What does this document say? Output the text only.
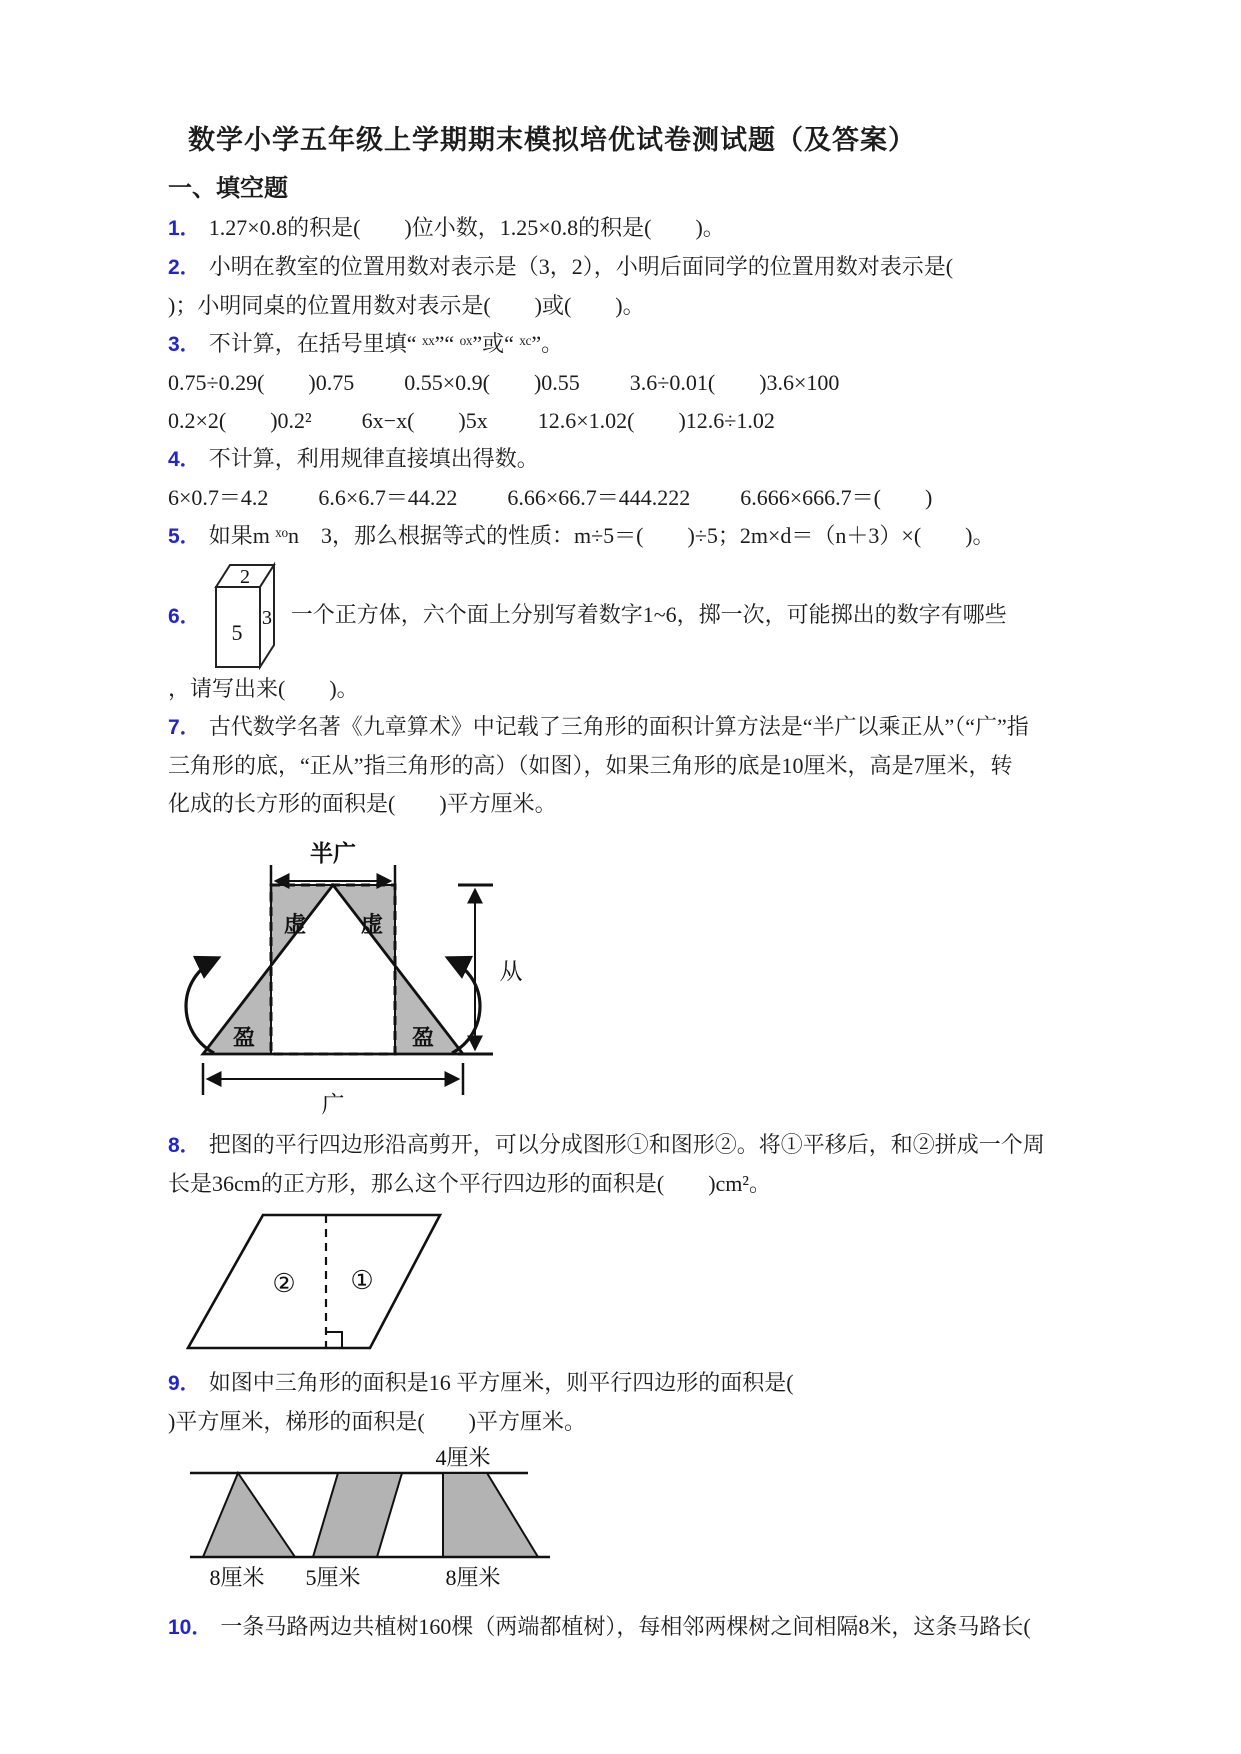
数学小学五年级上学期期末模拟培优试卷测试题（及答案）
一、填空题
1． 1.27×0.8的积是(　　)位小数，1.25×0.8的积是(　　)。
2． 小明在教室的位置用数对表示是（3，2），小明后面同学的位置用数对表示是(
)；小明同桌的位置用数对表示是(　　)或(　　)。
3． 不计算，在括号里填“ ˣˣ”“ ᵒˣ”或“ ˣᶜ”。
0.75÷0.29(　　)0.75 0.55×0.9(　　)0.55 3.6÷0.01(　　)3.6×100
0.2×2(　　)0.2² 6x−x(　　)5x 12.6×1.02(　　)12.6÷1.02
4． 不计算，利用规律直接填出得数。
6×0.7＝4.2 6.6×6.7＝44.22 6.66×66.7＝444.222 6.666×666.7＝(　　)
5． 如果m ˣᵒn　3，那么根据等式的性质：m÷5＝(　　)÷5；2m×d＝（n＋3）×(　　)。
6．
2
5
3 一个正方体，六个面上分别写着数字1~6，掷一次，可能掷出的数字有哪些
，请写出来(　　)。
7． 古代数学名著《九章算术》中记载了三角形的面积计算方法是“半广以乘正从”（“广”指
三角形的底，“正从”指三角形的高）（如图），如果三角形的底是10厘米，高是7厘米，转
化成的长方形的面积是(　　)平方厘米。
半广
虚 虚
盈	盈
广
从
8． 把图的平行四边形沿高剪开，可以分成图形①和图形②。将①平移后，和②拼成一个周
长是36cm的正方形，那么这个平行四边形的面积是(　　)cm²。
② ①
9． 如图中三角形的面积是16 平方厘米，则平行四边形的面积是(
)平方厘米，梯形的面积是(　　)平方厘米。
4厘米
8厘米 5厘米	8厘米
10． 一条马路两边共植树160棵（两端都植树），每相邻两棵树之间相隔8米，这条马路长(
